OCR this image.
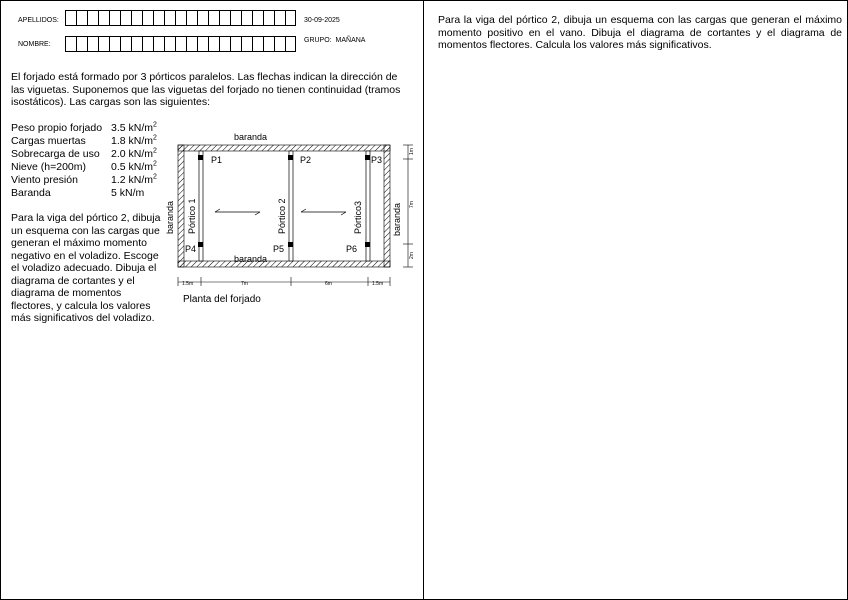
APELLIDOS:
NOMBRE:
30-09-2025
GRUPO: MAÑANA
El forjado está formado por 3 pórticos paralelos. Las flechas indican la dirección de las viguetas. Suponemos que las viguetas del forjado no tienen continuidad (tramos isostáticos). Las cargas son las siguientes:
Peso propio forjado 3.5 $kN/m^2$
Cargas muertas	1.8 $kN/m^2$
Sobrecarga de uso	2.0 $kN/m^2$
Nieve (h=200m)	0.5 $kN/m^2$
Viento presión	1.2 $kN/m^2$
Baranda	5 kN/m
Para la viga del pórtico 2, dibuja un esquema con las cargas que generan el máximo momento negativo en el voladizo. Escoge el voladizo adecuado. Dibuja el diagrama de cortantes y el diagrama de momentos flectores, y calcula los valores más significativos del voladizo.
Para la viga del pórtico 2, dibuja un esquema con las cargas que generan el máximo momento positivo en el vano. Dibuja el diagrama de cortantes y el diagrama de momentos flectores. Calcula los valores más significativos.
P1	P2	P3
P4	P5	P6
Pórtico 1	Pórtico 2	Pórtico3
baranda
baranda
baranda	baranda
1.5m	7m	6m	1.5m
1m
7m
2m
Planta del forjado
